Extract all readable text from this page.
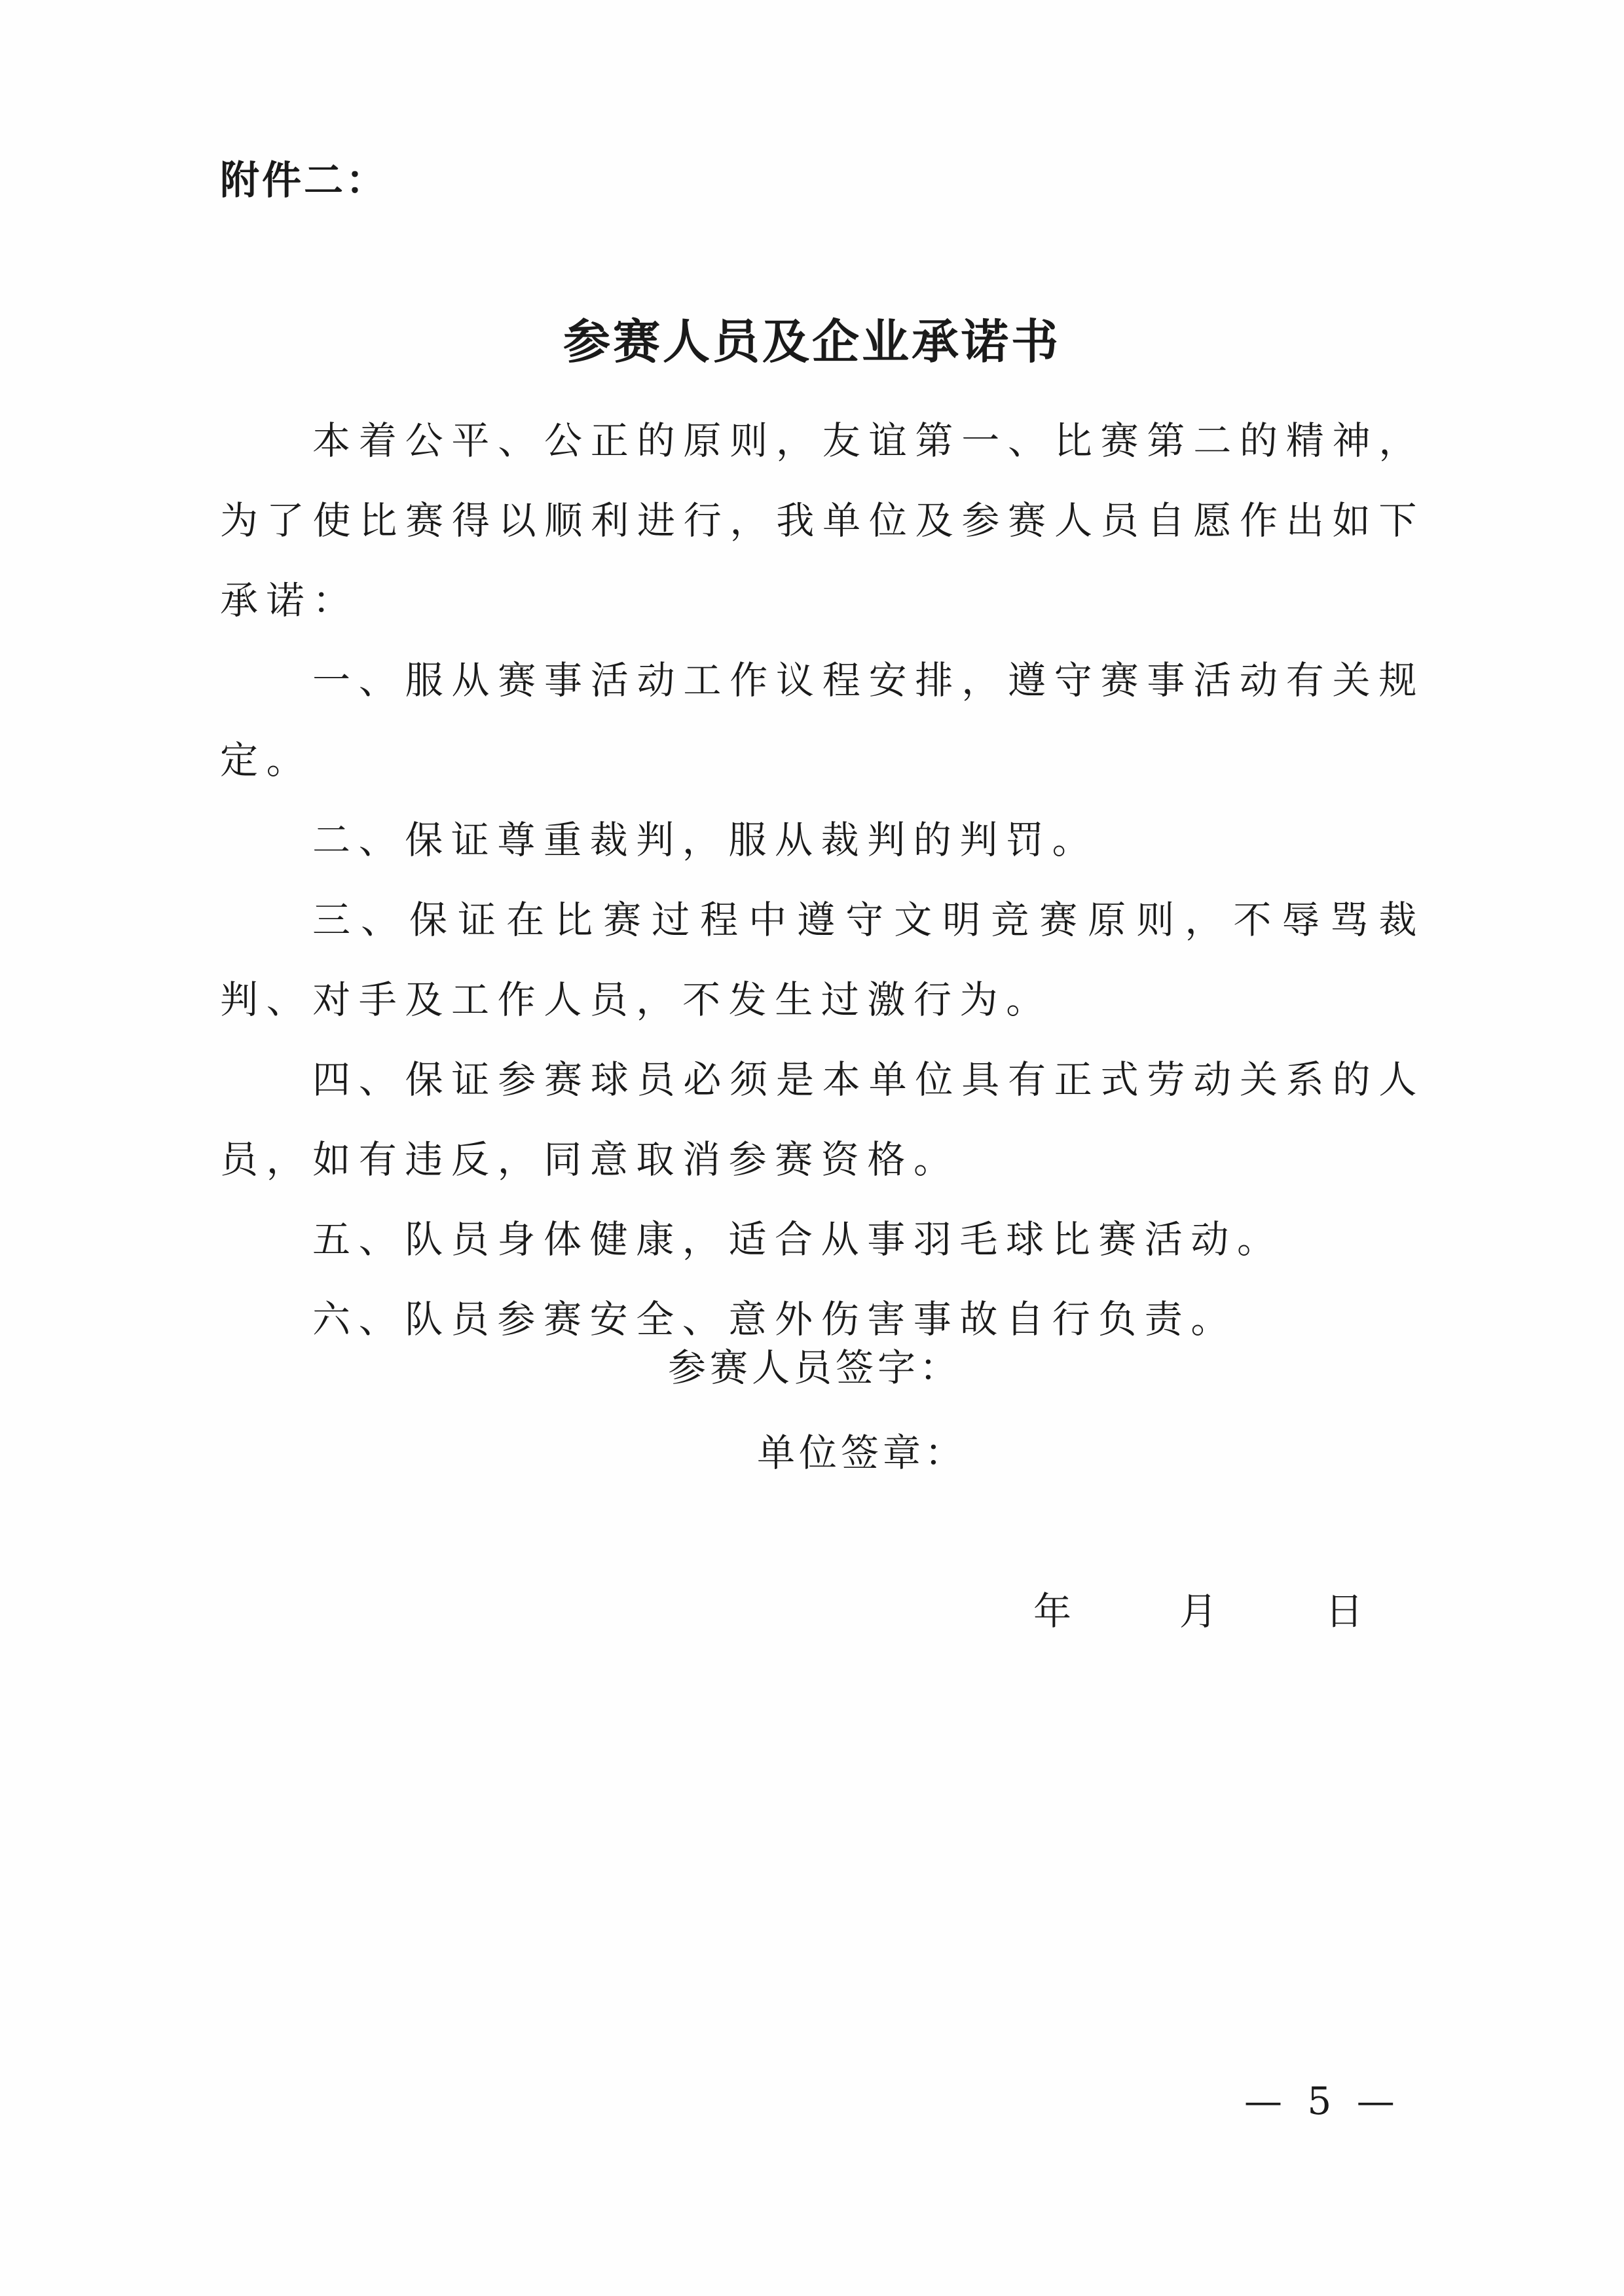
附件二：
参赛人员及企业承诺书

本着公平、公正的原则，友谊第一、比赛第二的精神，为了使比赛得以顺利进行，我单位及参赛人员自愿作出如下承诺：

一、服从赛事活动工作议程安排，遵守赛事活动有关规定。

二、保证尊重裁判，服从裁判的判罚。

三、保证在比赛过程中遵守文明竞赛原则，不辱骂裁判、对手及工作人员，不发生过激行为。

四、保证参赛球员必须是本单位具有正式劳动关系的人员，如有违反，同意取消参赛资格。

五、队员身体健康，适合从事羽毛球比赛活动。

六、队员参赛安全、意外伤害事故自行负责。

参赛人员签字：
单位签章：
年	月	日
— 5 —
